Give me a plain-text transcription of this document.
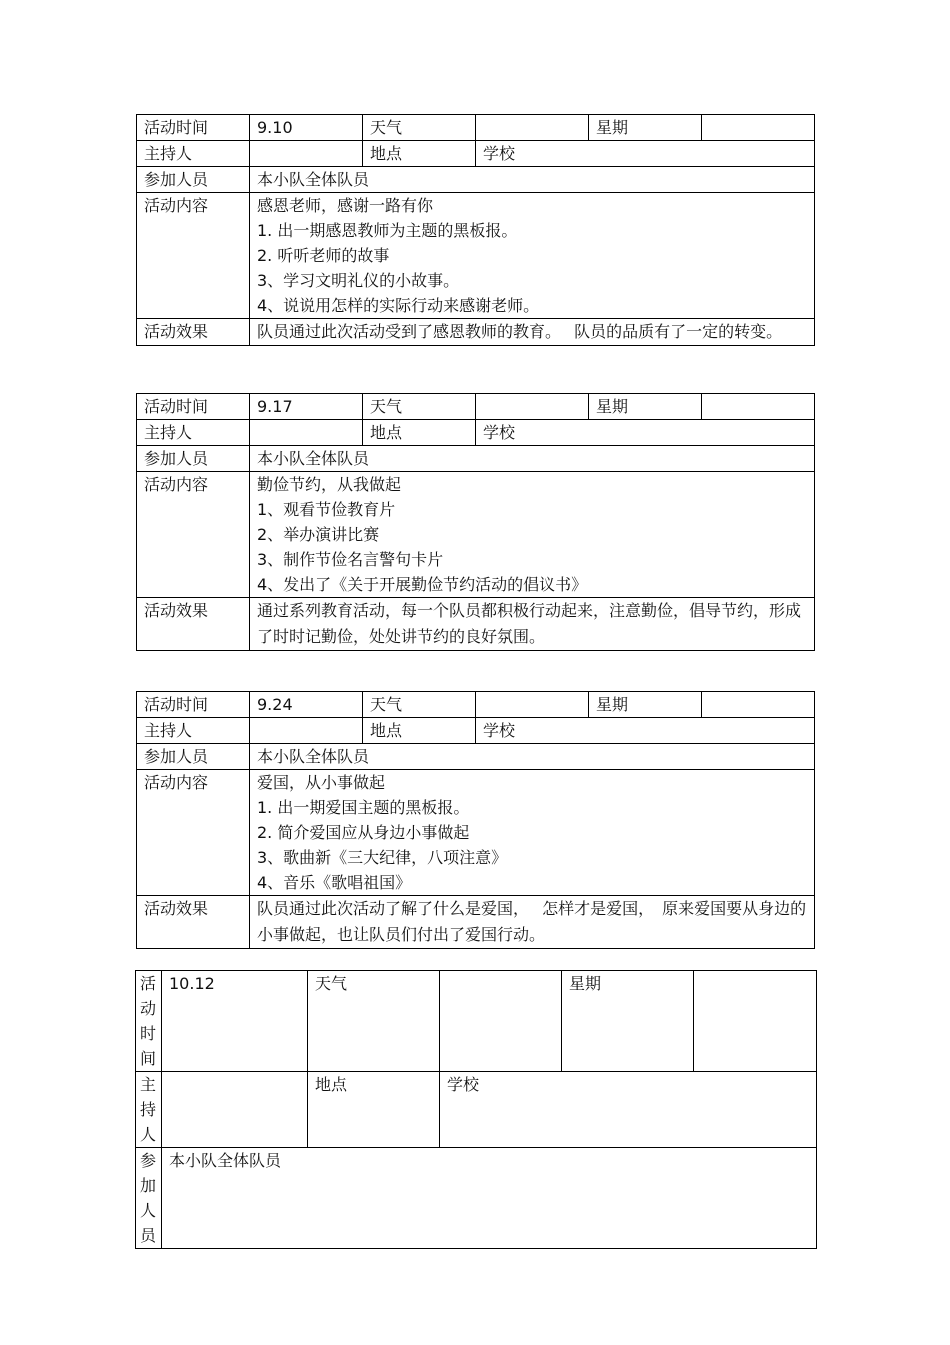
活动时间	9.10	天气		星期	
主持人		地点	学校		
参加人员	本小队全体队员				
活动内容	感恩老师，感谢一路有你
1. 出一期感恩教师为主题的黑板报。
2. 听听老师的故事
3、学习文明礼仪的小故事。
4、说说用怎样的实际行动来感谢老师。				

活动效果	队员通过此次活动受到了感恩教师的教育。　 队员的品质有了一定的转变。				
活动时间	9.17	天气		星期	
主持人		地点	学校		
参加人员	本小队全体队员				
活动内容	勤俭节约，从我做起
1、观看节俭教育片
2、举办演讲比赛
3、制作节俭名言警句卡片
4、发出了《关于开展勤俭节约活动的倡议书》				

活动效果	通过系列教育活动，每一个队员都积极行动起来，注意勤俭，倡导节约，形成了时时记勤俭，处处讲节约的良好氛围。				
活动时间	9.24	天气		星期	
主持人		地点	学校		
参加人员	本小队全体队员				
活动内容	爱国，从小事做起
1. 出一期爱国主题的黑板报。
2. 简介爱国应从身边小事做起
3、歌曲新《三大纪律，八项注意》
4、音乐《歌唱祖国》				

活动效果	队员通过此次活动了解了什么是爱国，　 怎样才是爱国，　原来爱国要从身边的小事做起，也让队员们付出了爱国行动。				
活动时间	10.12	天气		星期	
主持人		地点	学校		
参加人员	本小队全体队员				
